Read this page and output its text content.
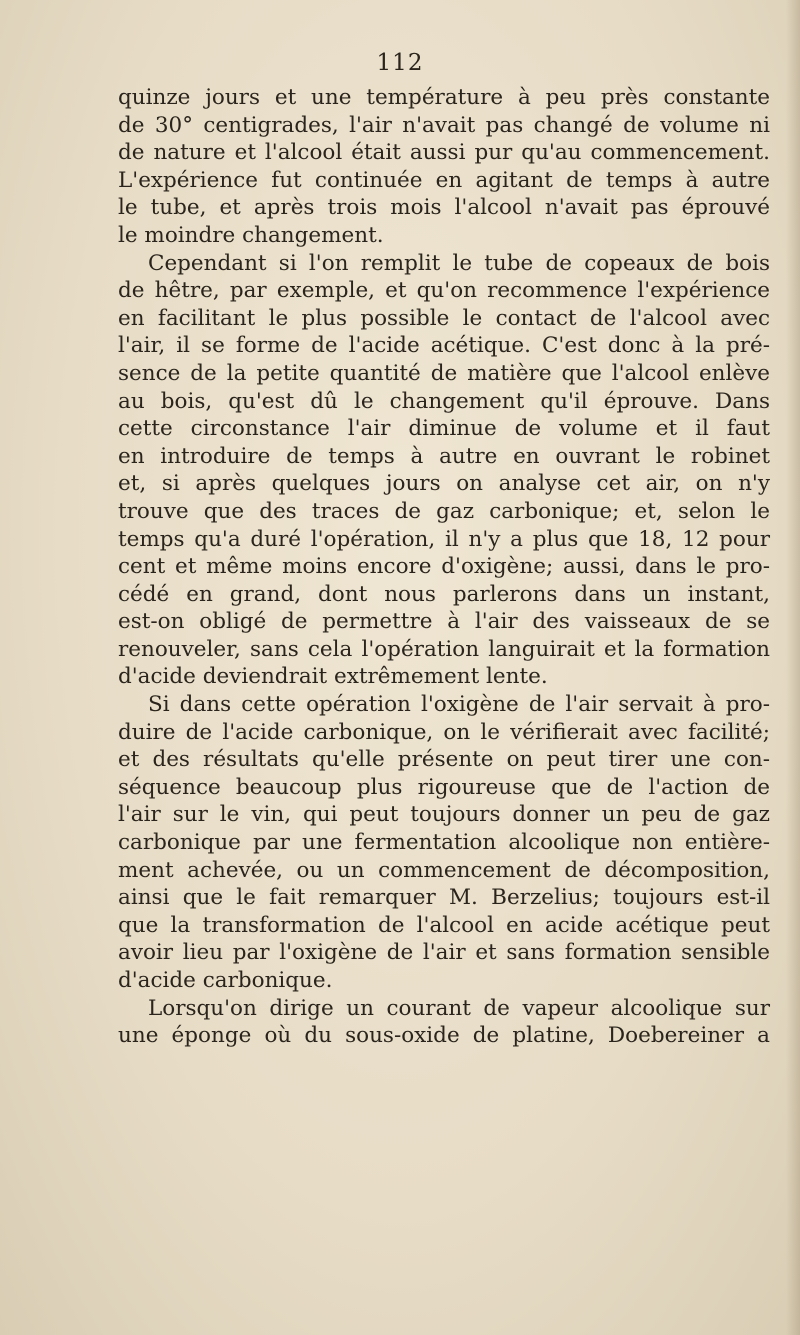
112
quinze jours et une température à peu près constante
de 30° centigrades, l'air n'avait pas changé de volume ni
de nature et l'alcool était aussi pur qu'au commencement.
L'expérience fut continuée en agitant de temps à autre
le tube, et après trois mois l'alcool n'avait pas éprouvé
le moindre changement.
Cependant si l'on remplit le tube de copeaux de bois
de hêtre, par exemple, et qu'on recommence l'expérience
en facilitant le plus possible le contact de l'alcool avec
l'air, il se forme de l'acide acétique. C'est donc à la pré-
sence de la petite quantité de matière que l'alcool enlève
au bois, qu'est dû le changement qu'il éprouve. Dans
cette circonstance l'air diminue de volume et il faut
en introduire de temps à autre en ouvrant le robinet
et, si après quelques jours on analyse cet air, on n'y
trouve que des traces de gaz carbonique; et, selon le
temps qu'a duré l'opération, il n'y a plus que 18, 12 pour
cent et même moins encore d'oxigène; aussi, dans le pro-
cédé en grand, dont nous parlerons dans un instant,
est-on obligé de permettre à l'air des vaisseaux de se
renouveler, sans cela l'opération languirait et la formation
d'acide deviendrait extrêmement lente.
Si dans cette opération l'oxigène de l'air servait à pro-
duire de l'acide carbonique, on le vérifierait avec facilité;
et des résultats qu'elle présente on peut tirer une con-
séquence beaucoup plus rigoureuse que de l'action de
l'air sur le vin, qui peut toujours donner un peu de gaz
carbonique par une fermentation alcoolique non entière-
ment achevée, ou un commencement de décomposition,
ainsi que le fait remarquer M. Berzelius; toujours est-il
que la transformation de l'alcool en acide acétique peut
avoir lieu par l'oxigène de l'air et sans formation sensible
d'acide carbonique.
Lorsqu'on dirige un courant de vapeur alcoolique sur
une éponge où du sous-oxide de platine, Doebereiner a
